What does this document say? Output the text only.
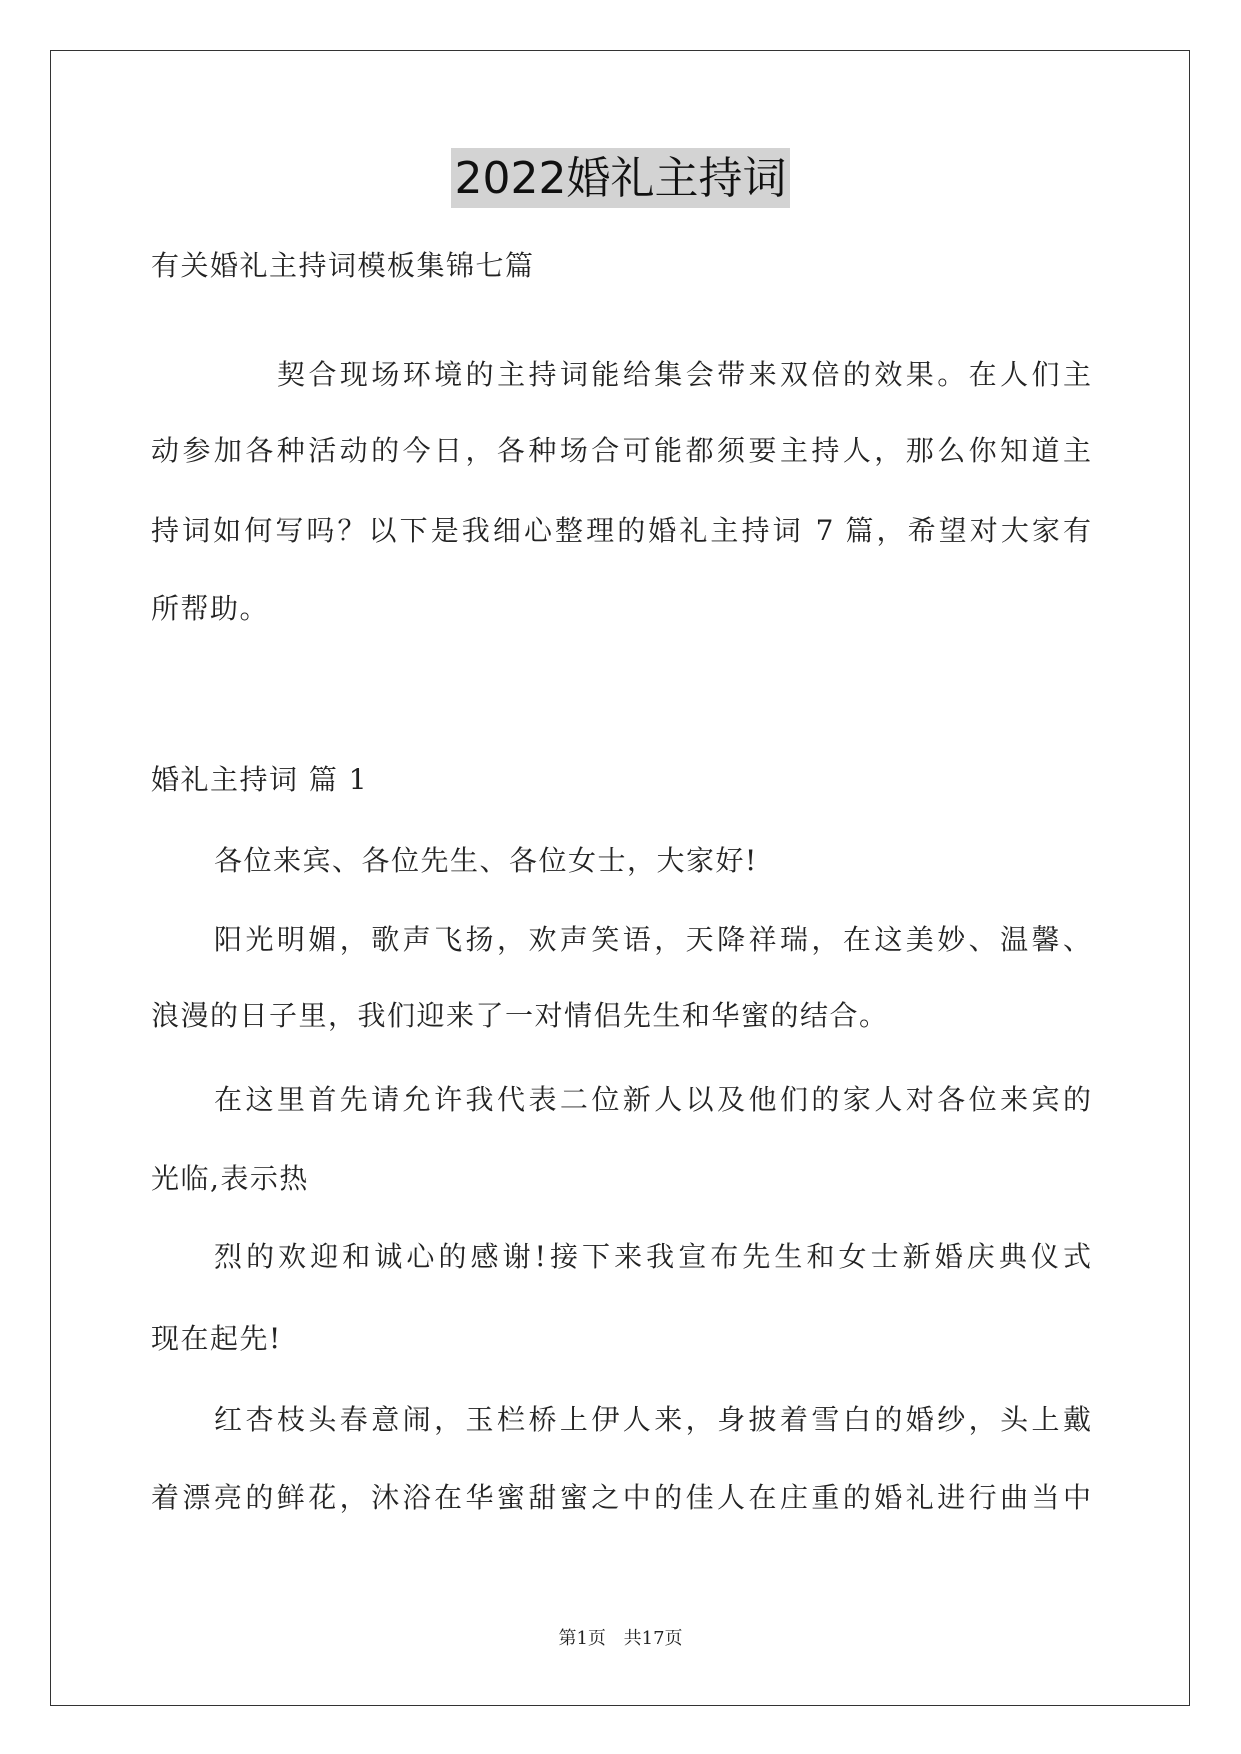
2022婚礼主持词
有关婚礼主持词模板集锦七篇
契合现场环境的主持词能给集会带来双倍的效果。在人们主
动参加各种活动的今日，各种场合可能都须要主持人，那么你知道主
持词如何写吗？以下是我细心整理的婚礼主持词 7 篇，希望对大家有
所帮助。
婚礼主持词 篇 1
各位来宾、各位先生、各位女士，大家好!
阳光明媚，歌声飞扬，欢声笑语，天降祥瑞，在这美妙、温馨、
浪漫的日子里，我们迎来了一对情侣先生和华蜜的结合。
在这里首先请允许我代表二位新人以及他们的家人对各位来宾的
光临,表示热
烈的欢迎和诚心的感谢!接下来我宣布先生和女士新婚庆典仪式
现在起先!
红杏枝头春意闹，玉栏桥上伊人来，身披着雪白的婚纱，头上戴
着漂亮的鲜花，沐浴在华蜜甜蜜之中的佳人在庄重的婚礼进行曲当中
第1页 共17页
